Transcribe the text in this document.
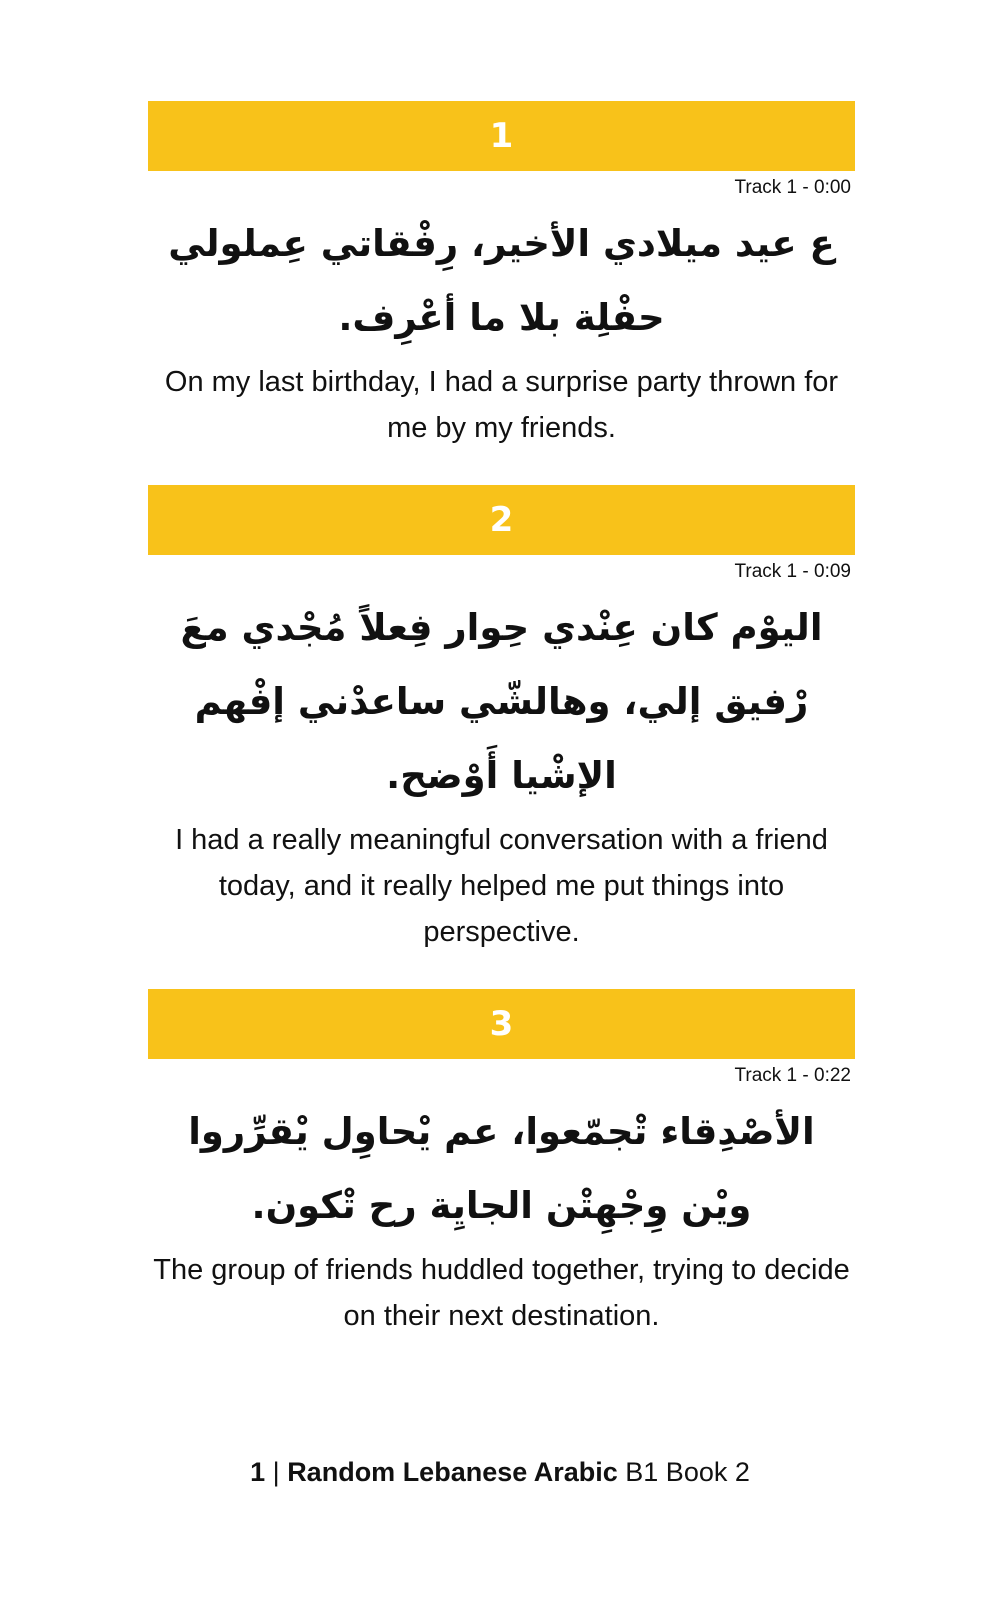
1
Track 1 - 0:00
ع عيد ميلادي الأخير، رِفْقاتي عِملولي حفْلِة بلا ما أعْرِف.
On my last birthday, I had a surprise party thrown for me by my friends.
2
Track 1 - 0:09
اليوْم كان عِنْدي حِوار فِعلاً مُجْدي معَ رْفيق إلي، وهالشّي ساعدْني إفْهم الإشْيا أَوْضح.
I had a really meaningful conversation with a friend today, and it really helped me put things into perspective.
3
Track 1 - 0:22
الأصْدِقاء تْجمّعوا، عم يْحاوِل يْقرِّروا ويْن وِجْهِتْن الجايِة رح تْكون.
The group of friends huddled together, trying to decide on their next destination.
1 | Random Lebanese Arabic B1 Book 2
